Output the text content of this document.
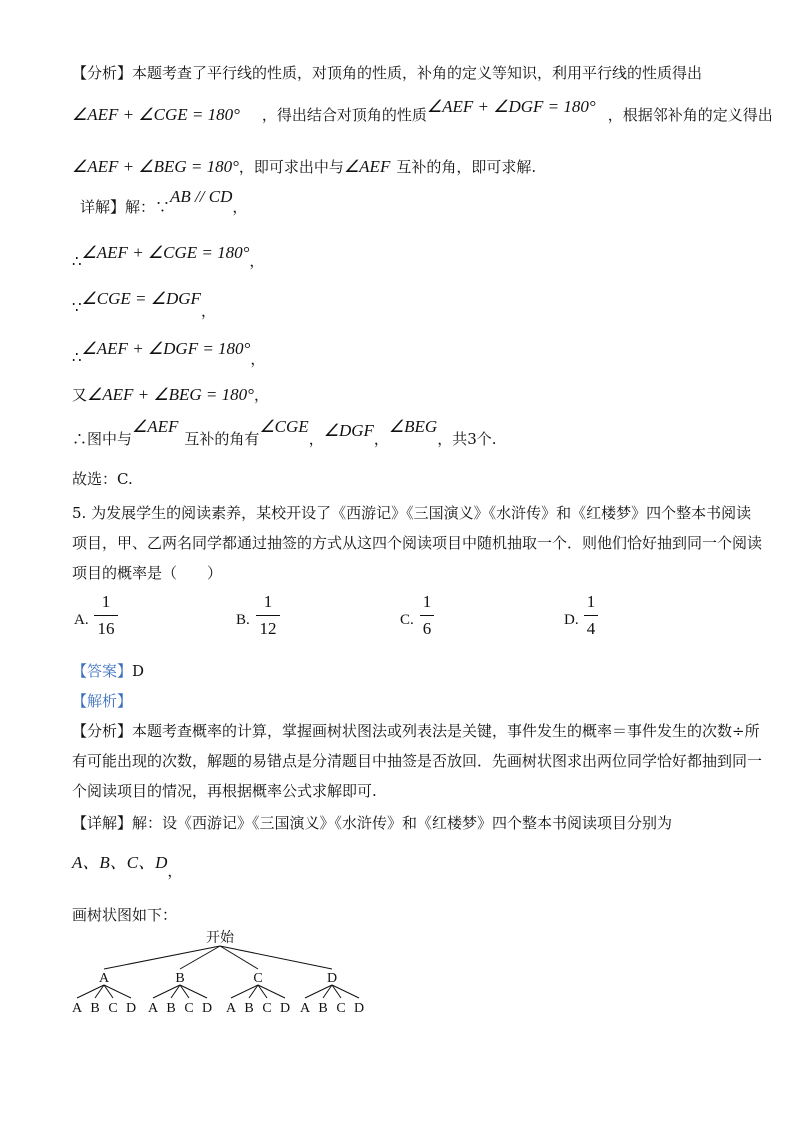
【分析】本题考查了平行线的性质，对顶角的性质，补角的定义等知识，利用平行线的性质得出
∠AEF + ∠CGE = 180° ，得出结合对顶角的性质∠AEF + ∠DGF = 180° ，根据邻补角的定义得出
∠AEF + ∠BEG = 180°，即可求出中与∠AEF 互补的角，即可求解.
详解】解：∵AB // CD，
∴∠AEF + ∠CGE = 180°，
∵∠CGE = ∠DGF，
∴∠AEF + ∠DGF = 180°，
又∠AEF + ∠BEG = 180°，
∴图中与∠AEF互补的角有∠CGE，∠DGF，∠BEG，共3个.
故选：C.
5. 为发展学生的阅读素养，某校开设了《西游记》《三国演义》《水浒传》和《红楼梦》四个整本书阅读
项目，甲、乙两名同学都通过抽签的方式从这四个阅读项目中随机抽取一个．则他们恰好抽到同一个阅读
项目的概率是（　　）
A.
1
16	B.
1
12	C.
1
6	D.
1
4
【答案】D
【解析】
【分析】本题考查概率的计算，掌握画树状图法或列表法是关键，事件发生的概率＝事件发生的次数÷所
有可能出现的次数，解题的易错点是分清题目中抽签是否放回．先画树状图求出两位同学恰好都抽到同一
个阅读项目的情况，再根据概率公式求解即可.
【详解】解：设《西游记》《三国演义》《水浒传》和《红楼梦》四个整本书阅读项目分别为
A、B、C、D，
画树状图如下：
开始
A
A B C D
B
A B C D
C
A B C D
D
A B C D
